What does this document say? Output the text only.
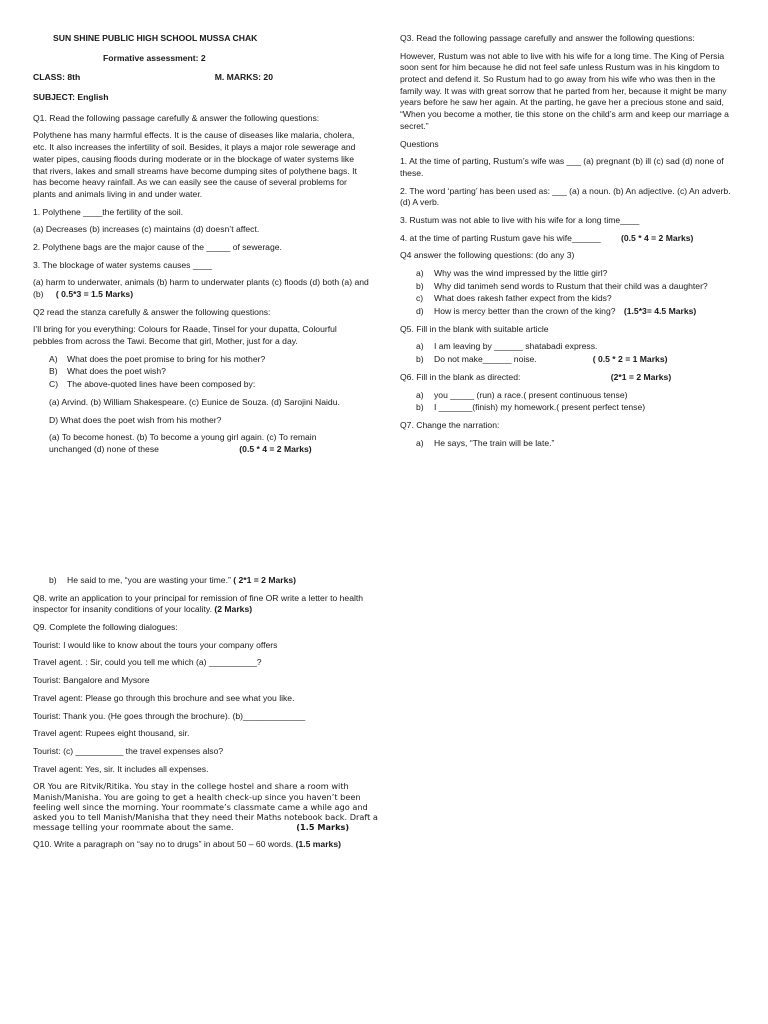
SUN SHINE PUBLIC HIGH SCHOOL MUSSA CHAK

Formative assessment: 2

CLASS: 8th	M. MARKS: 20

SUBJECT: English

Q1. Read the following passage carefully & answer the following questions:

Polythene has many harmful effects. It is the cause of diseases like malaria, cholera, etc. It also increases the infertility of soil. Besides, it plays a major role sewerage and water pipes, causing floods during moderate or in the blockage of water systems like that rivers, lakes and small streams have become dumping sites of polythene bags. It has become heavy rainfall. As we can easily see the cause of several problems for plants and animals living in and under water.

1. Polythene ____the fertility of the soil.

(a) Decreases (b) increases (c) maintains (d) doesn’t affect.

2. Polythene bags are the major cause of the _____ of sewerage.

3. The blockage of water systems causes ____

(a) harm to underwater, animals (b) harm to underwater plants (c) floods (d) both (a) and (b) ( 0.5*3 = 1.5 Marks)

Q2 read the stanza carefully & answer the following questions:

I’ll bring for you everything: Colours for Raade, Tinsel for your dupatta, Colourful pebbles from across the Tawi. Become that girl, Mother, just for a day.

A)	What does the poet promise to bring for his mother?
B)	What does the poet wish?
C)	The above-quoted lines have been composed by:

(a) Arvind. (b) William Shakespeare. (c) Eunice de Souza. (d) Sarojini Naidu.

D) What does the poet wish from his mother?

(a) To become honest. (b) To become a young girl again. (c) To remain
unchanged (d) none of these	(0.5 * 4 = 2 Marks)

Q3. Read the following passage carefully and answer the following questions:

However, Rustum was not able to live with his wife for a long time. The King of Persia soon sent for him because he did not feel safe unless Rustum was in his kingdom to protect and defend it. So Rustum had to go away from his wife who was then in the family way. It was with great sorrow that he parted from her, because it might be many years before he saw her again. At the parting, he gave her a precious stone and said, “When you become a mother, tie this stone on the child’s arm and keep our marriage a secret.”

Questions

1. At the time of parting, Rustum’s wife was ___ (a) pregnant (b) ill (c) sad (d) none of these.

2. The word ‘parting’ has been used as: ___ (a) a noun. (b) An adjective. (c) An adverb. (d) A verb.

3. Rustum was not able to live with his wife for a long time____

4. at the time of parting Rustum gave his wife______ (0.5 * 4 = 2 Marks)

Q4 answer the following questions: (do any 3)

a)	Why was the wind impressed by the little girl?
b)	Why did tanimeh send words to Rustum that their child was a daughter?
c)	What does rakesh father expect from the kids?
d)	How is mercy better than the crown of the king? (1.5*3= 4.5 Marks)

Q5. Fill in the blank with suitable article

a)	I am leaving by ______ shatabadi express.
b)	Do not make______ noise.	( 0.5 * 2 = 1 Marks)

Q6. Fill in the blank as directed:	(2*1 = 2 Marks)

a)	you _____ (run) a race.( present continuous tense)
b)	I _______(finish) my homework.( present perfect tense)

Q7. Change the narration:

a)	He says, “The train will be late.”
b)	He said to me, “you are wasting your time.” ( 2*1 = 2 Marks)

Q8. write an application to your principal for remission of fine OR write a letter to health inspector for insanity conditions of your locality. (2 Marks)

Q9. Complete the following dialogues:

Tourist: I would like to know about the tours your company offers

Travel agent. : Sir, could you tell me which (a) __________?

Tourist: Bangalore and Mysore

Travel agent: Please go through this brochure and see what you like.

Tourist: Thank you. (He goes through the brochure). (b)_____________

Travel agent: Rupees eight thousand, sir.

Tourist: (c) __________ the travel expenses also?

Travel agent: Yes, sir. It includes all expenses.

OR You are Ritvik/Ritika. You stay in the college hostel and share a room with Manish/Manisha. You are going to get a health check-up since you haven’t been feeling well since the morning. Your roommate’s classmate came a while ago and asked you to tell Manish/Manisha that they need their Maths notebook back. Draft a message telling your roommate about the same.	(1.5 Marks)

Q10. Write a paragraph on “say no to drugs” in about 50 – 60 words. (1.5 marks)
